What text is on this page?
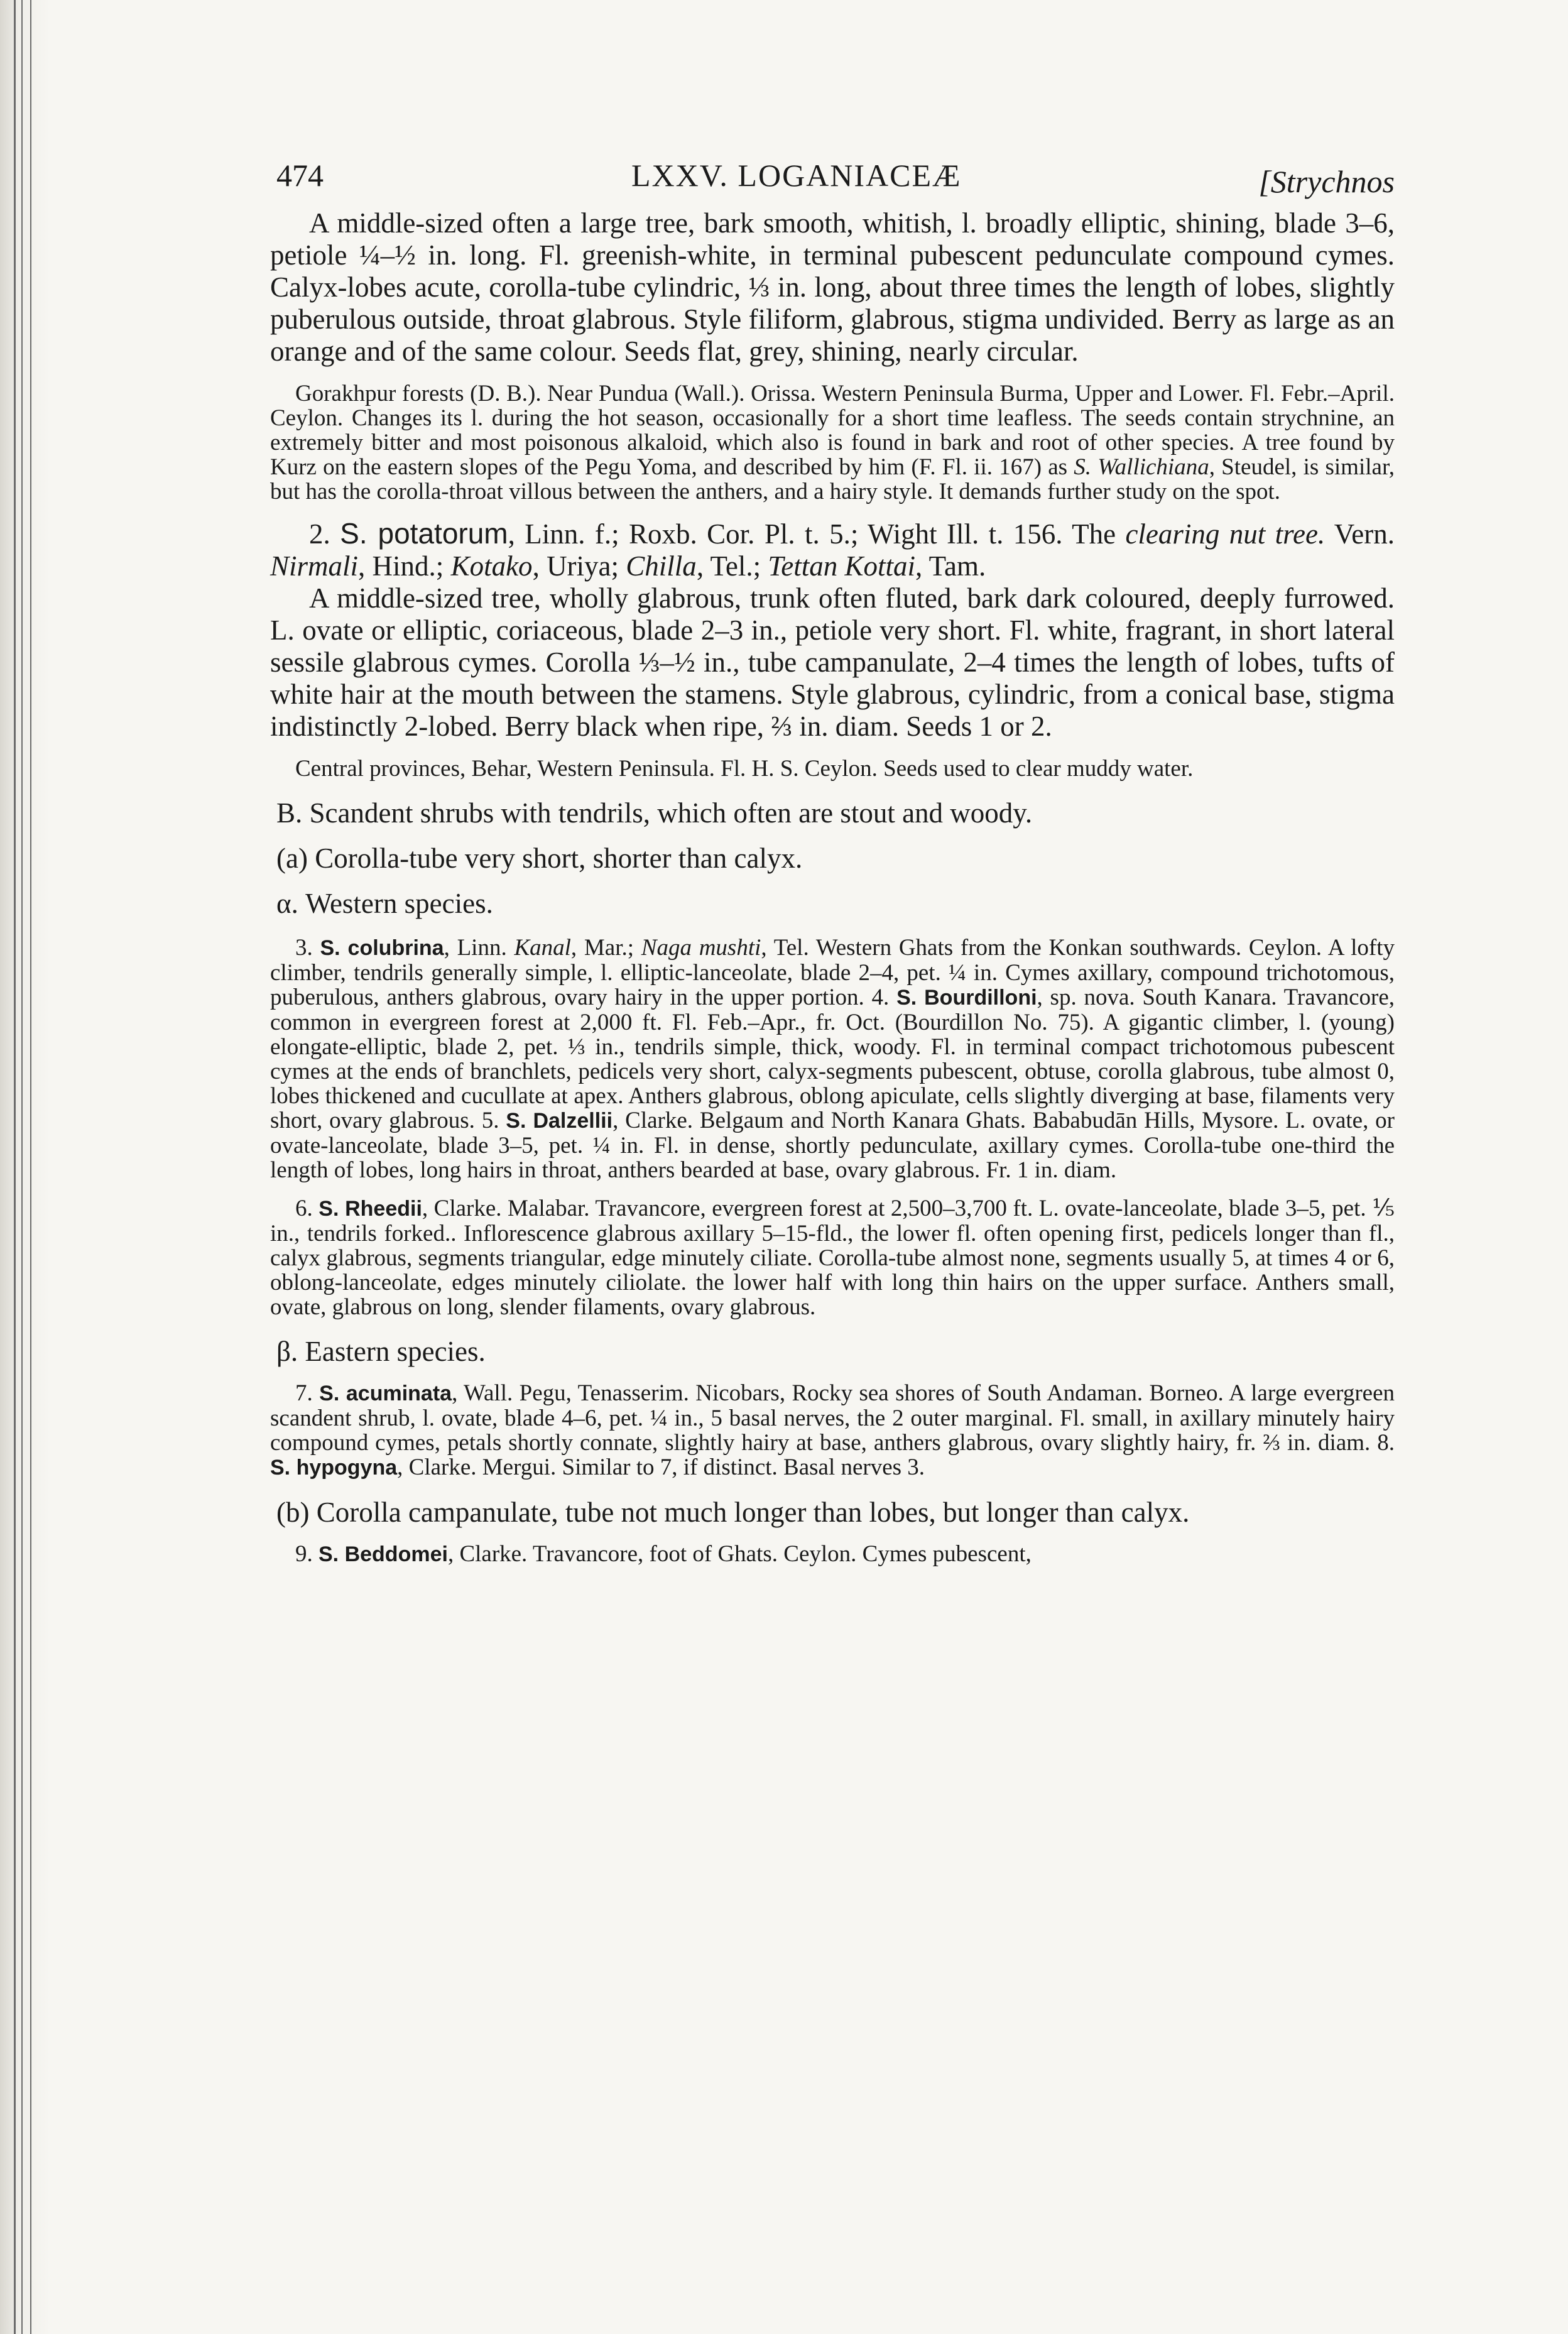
474	LXXV. LOGANIACEÆ	[Strychnos

A middle-sized often a large tree, bark smooth, whitish, l. broadly elliptic, shining, blade 3–6, petiole ¼–½ in. long. Fl. greenish-white, in terminal pubescent pedunculate compound cymes. Calyx-lobes acute, corolla-tube cylindric, ⅓ in. long, about three times the length of lobes, slightly puberulous outside, throat glabrous. Style filiform, glabrous, stigma undivided. Berry as large as an orange and of the same colour. Seeds flat, grey, shining, nearly circular.

Gorakhpur forests (D. B.). Near Pundua (Wall.). Orissa. Western Peninsula Burma, Upper and Lower. Fl. Febr.–April. Ceylon. Changes its l. during the hot season, occasionally for a short time leafless. The seeds contain strychnine, an extremely bitter and most poisonous alkaloid, which also is found in bark and root of other species. A tree found by Kurz on the eastern slopes of the Pegu Yoma, and described by him (F. Fl. ii. 167) as S. Wallichiana, Steudel, is similar, but has the corolla-throat villous between the anthers, and a hairy style. It demands further study on the spot.

2. S. potatorum, Linn. f.; Roxb. Cor. Pl. t. 5.; Wight Ill. t. 156. The clearing nut tree. Vern. Nirmali, Hind.; Kotako, Uriya; Chilla, Tel.; Tettan Kottai, Tam.

A middle-sized tree, wholly glabrous, trunk often fluted, bark dark coloured, deeply furrowed. L. ovate or elliptic, coriaceous, blade 2–3 in., petiole very short. Fl. white, fragrant, in short lateral sessile glabrous cymes. Corolla ⅓–½ in., tube campanulate, 2–4 times the length of lobes, tufts of white hair at the mouth between the stamens. Style glabrous, cylindric, from a conical base, stigma indistinctly 2-lobed. Berry black when ripe, ⅔ in. diam. Seeds 1 or 2.

Central provinces, Behar, Western Peninsula. Fl. H. S. Ceylon. Seeds used to clear muddy water.

B. Scandent shrubs with tendrils, which often are stout and woody.

(a) Corolla-tube very short, shorter than calyx.

α. Western species.

3. S. colubrina, Linn. Kanal, Mar.; Naga mushti, Tel. Western Ghats from the Konkan southwards. Ceylon. A lofty climber, tendrils generally simple, l. elliptic-lanceolate, blade 2–4, pet. ¼ in. Cymes axillary, compound trichotomous, puberulous, anthers glabrous, ovary hairy in the upper portion. 4. S. Bourdilloni, sp. nova. South Kanara. Travancore, common in evergreen forest at 2,000 ft. Fl. Feb.–Apr., fr. Oct. (Bourdillon No. 75). A gigantic climber, l. (young) elongate-elliptic, blade 2, pet. ⅓ in., tendrils simple, thick, woody. Fl. in terminal compact trichotomous pubescent cymes at the ends of branchlets, pedicels very short, calyx-segments pubescent, obtuse, corolla glabrous, tube almost 0, lobes thickened and cucullate at apex. Anthers glabrous, oblong apiculate, cells slightly diverging at base, filaments very short, ovary glabrous. 5. S. Dalzellii, Clarke. Belgaum and North Kanara Ghats. Bababudān Hills, Mysore. L. ovate, or ovate-lanceolate, blade 3–5, pet. ¼ in. Fl. in dense, shortly pedunculate, axillary cymes. Corolla-tube one-third the length of lobes, long hairs in throat, anthers bearded at base, ovary glabrous. Fr. 1 in. diam.

6. S. Rheedii, Clarke. Malabar. Travancore, evergreen forest at 2,500–3,700 ft. L. ovate-lanceolate, blade 3–5, pet. ⅕ in., tendrils forked.. Inflorescence glabrous axillary 5–15-fld., the lower fl. often opening first, pedicels longer than fl., calyx glabrous, segments triangular, edge minutely ciliate. Corolla-tube almost none, segments usually 5, at times 4 or 6, oblong-lanceolate, edges minutely ciliolate. the lower half with long thin hairs on the upper surface. Anthers small, ovate, glabrous on long, slender filaments, ovary glabrous.

β. Eastern species.

7. S. acuminata, Wall. Pegu, Tenasserim. Nicobars, Rocky sea shores of South Andaman. Borneo. A large evergreen scandent shrub, l. ovate, blade 4–6, pet. ¼ in., 5 basal nerves, the 2 outer marginal. Fl. small, in axillary minutely hairy compound cymes, petals shortly connate, slightly hairy at base, anthers glabrous, ovary slightly hairy, fr. ⅔ in. diam. 8. S. hypogyna, Clarke. Mergui. Similar to 7, if distinct. Basal nerves 3.

(b) Corolla campanulate, tube not much longer than lobes, but longer than calyx.

9. S. Beddomei, Clarke. Travancore, foot of Ghats. Ceylon. Cymes pubescent,
